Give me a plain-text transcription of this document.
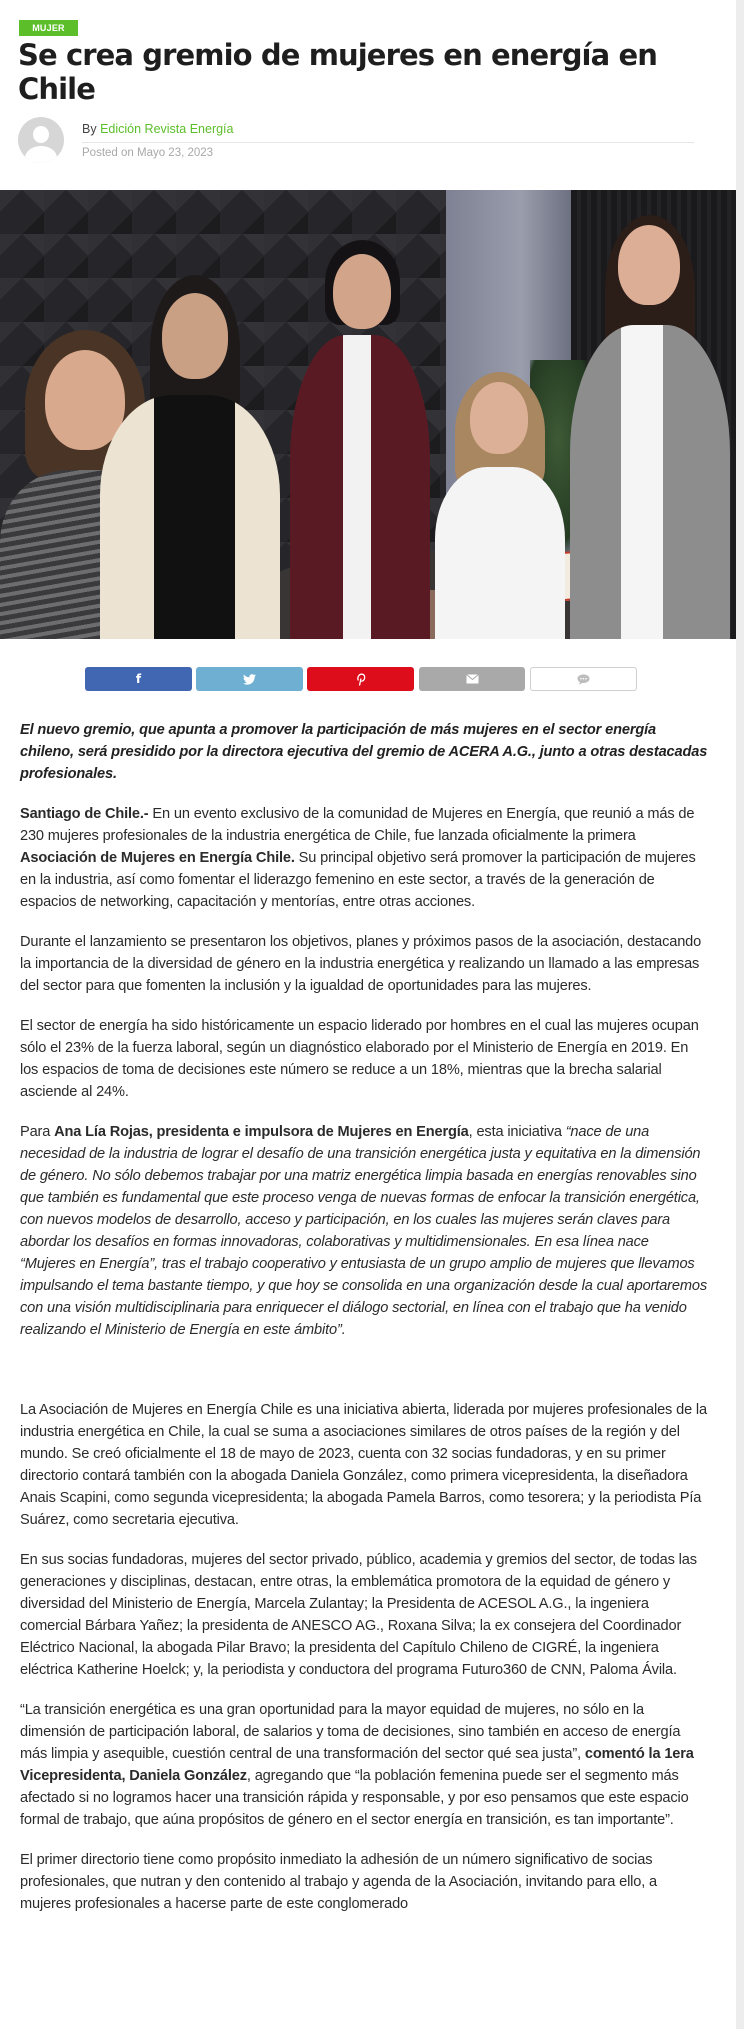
MUJER
Se crea gremio de mujeres en energía en Chile
By Edición Revista Energía
Posted on Mayo 23, 2023
f

El nuevo gremio, que apunta a promover la participación de más mujeres en el sector energía chileno, será presidido por la directora ejecutiva del gremio de ACERA A.G., junto a otras destacadas profesionales.

Santiago de Chile.- En un evento exclusivo de la comunidad de Mujeres en Energía, que reunió a más de 230 mujeres profesionales de la industria energética de Chile, fue lanzada oficialmente la primera Asociación de Mujeres en Energía Chile. Su principal objetivo será promover la participación de mujeres en la industria, así como fomentar el liderazgo femenino en este sector, a través de la generación de espacios de networking, capacitación y mentorías, entre otras acciones.

Durante el lanzamiento se presentaron los objetivos, planes y próximos pasos de la asociación, destacando la importancia de la diversidad de género en la industria energética y realizando un llamado a las empresas del sector para que fomenten la inclusión y la igualdad de oportunidades para las mujeres.

El sector de energía ha sido históricamente un espacio liderado por hombres en el cual las mujeres ocupan sólo el 23% de la fuerza laboral, según un diagnóstico elaborado por el Ministerio de Energía en 2019. En los espacios de toma de decisiones este número se reduce a un 18%, mientras que la brecha salarial asciende al 24%.

Para Ana Lía Rojas, presidenta e impulsora de Mujeres en Energía, esta iniciativa “nace de una necesidad de la industria de lograr el desafío de una transición energética justa y equitativa en la dimensión de género. No sólo debemos trabajar por una matriz energética limpia basada en energías renovables sino que también es fundamental que este proceso venga de nuevas formas de enfocar la transición energética, con nuevos modelos de desarrollo, acceso y participación, en los cuales las mujeres serán claves para abordar los desafíos en formas innovadoras, colaborativas y multidimensionales. En esa línea nace “Mujeres en Energía”, tras el trabajo cooperativo y entusiasta de un grupo amplio de mujeres que llevamos impulsando el tema bastante tiempo, y que hoy se consolida en una organización desde la cual aportaremos con una visión multidisciplinaria para enriquecer el diálogo sectorial, en línea con el trabajo que ha venido realizando el Ministerio de Energía en este ámbito”.

La Asociación de Mujeres en Energía Chile es una iniciativa abierta, liderada por mujeres profesionales de la industria energética en Chile, la cual se suma a asociaciones similares de otros países de la región y del mundo. Se creó oficialmente el 18 de mayo de 2023, cuenta con 32 socias fundadoras, y en su primer directorio contará también con la abogada Daniela González, como primera vicepresidenta, la diseñadora Anais Scapini, como segunda vicepresidenta; la abogada Pamela Barros, como tesorera; y la periodista Pía Suárez, como secretaria ejecutiva.

En sus socias fundadoras, mujeres del sector privado, público, academia y gremios del sector, de todas las generaciones y disciplinas, destacan, entre otras, la emblemática promotora de la equidad de género y diversidad del Ministerio de Energía, Marcela Zulantay; la Presidenta de ACESOL A.G., la ingeniera comercial Bárbara Yañez; la presidenta de ANESCO AG., Roxana Silva; la ex consejera del Coordinador Eléctrico Nacional, la abogada Pilar Bravo; la presidenta del Capítulo Chileno de CIGRÉ, la ingeniera eléctrica Katherine Hoelck; y, la periodista y conductora del programa Futuro360 de CNN, Paloma Ávila.

“La transición energética es una gran oportunidad para la mayor equidad de mujeres, no sólo en la dimensión de participación laboral, de salarios y toma de decisiones, sino también en acceso de energía más limpia y asequible, cuestión central de una transformación del sector qué sea justa”, comentó la 1era Vicepresidenta, Daniela González, agregando que “la población femenina puede ser el segmento más afectado si no logramos hacer una transición rápida y responsable, y por eso pensamos que este espacio formal de trabajo, que aúna propósitos de género en el sector energía en transición, es tan importante”.

El primer directorio tiene como propósito inmediato la adhesión de un número significativo de socias profesionales, que nutran y den contenido al trabajo y agenda de la Asociación, invitando para ello, a mujeres profesionales a hacerse parte de este conglomerado
